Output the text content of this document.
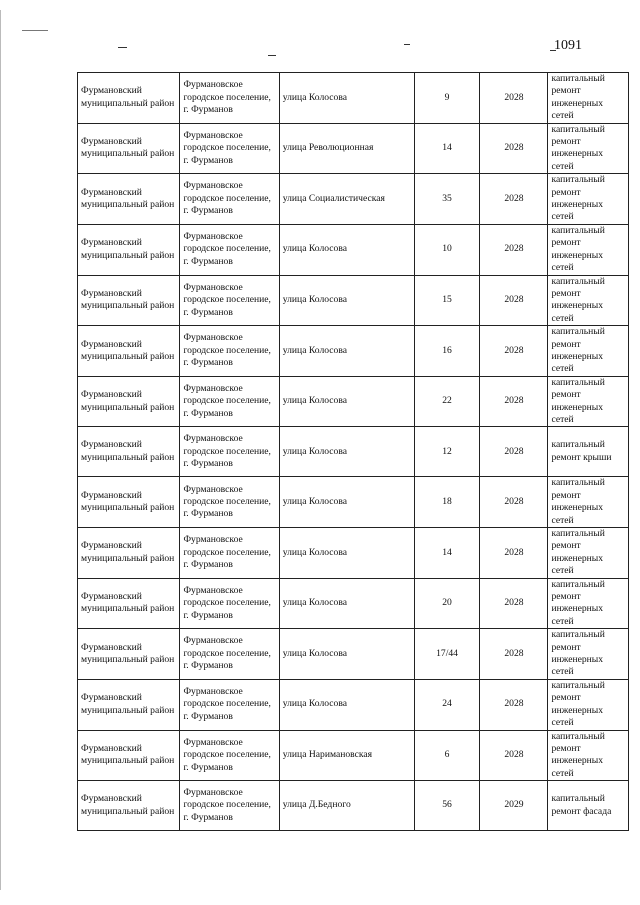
1091
Фурмановский муниципальный район	Фурмановское городское поселение, г. Фурманов	улица Колосова	9	2028	капитальный ремонт инженерных сетей
Фурмановский муниципальный район	Фурмановское городское поселение, г. Фурманов	улица Революционная	14	2028	капитальный ремонт инженерных сетей
Фурмановский муниципальный район	Фурмановское городское поселение, г. Фурманов	улица Социалистическая	35	2028	капитальный ремонт инженерных сетей
Фурмановский муниципальный район	Фурмановское городское поселение, г. Фурманов	улица Колосова	10	2028	капитальный ремонт инженерных сетей
Фурмановский муниципальный район	Фурмановское городское поселение, г. Фурманов	улица Колосова	15	2028	капитальный ремонт инженерных сетей
Фурмановский муниципальный район	Фурмановское городское поселение, г. Фурманов	улица Колосова	16	2028	капитальный ремонт инженерных сетей
Фурмановский муниципальный район	Фурмановское городское поселение, г. Фурманов	улица Колосова	22	2028	капитальный ремонт инженерных сетей
Фурмановский муниципальный район	Фурмановское городское поселение, г. Фурманов	улица Колосова	12	2028	капитальный ремонт крыши
Фурмановский муниципальный район	Фурмановское городское поселение, г. Фурманов	улица Колосова	18	2028	капитальный ремонт инженерных сетей
Фурмановский муниципальный район	Фурмановское городское поселение, г. Фурманов	улица Колосова	14	2028	капитальный ремонт инженерных сетей
Фурмановский муниципальный район	Фурмановское городское поселение, г. Фурманов	улица Колосова	20	2028	капитальный ремонт инженерных сетей
Фурмановский муниципальный район	Фурмановское городское поселение, г. Фурманов	улица Колосова	17/44	2028	капитальный ремонт инженерных сетей
Фурмановский муниципальный район	Фурмановское городское поселение, г. Фурманов	улица Колосова	24	2028	капитальный ремонт инженерных сетей
Фурмановский муниципальный район	Фурмановское городское поселение, г. Фурманов	улица Наримановская	6	2028	капитальный ремонт инженерных сетей
Фурмановский муниципальный район	Фурмановское городское поселение, г. Фурманов	улица Д.Бедного	56	2029	капитальный ремонт фасада
